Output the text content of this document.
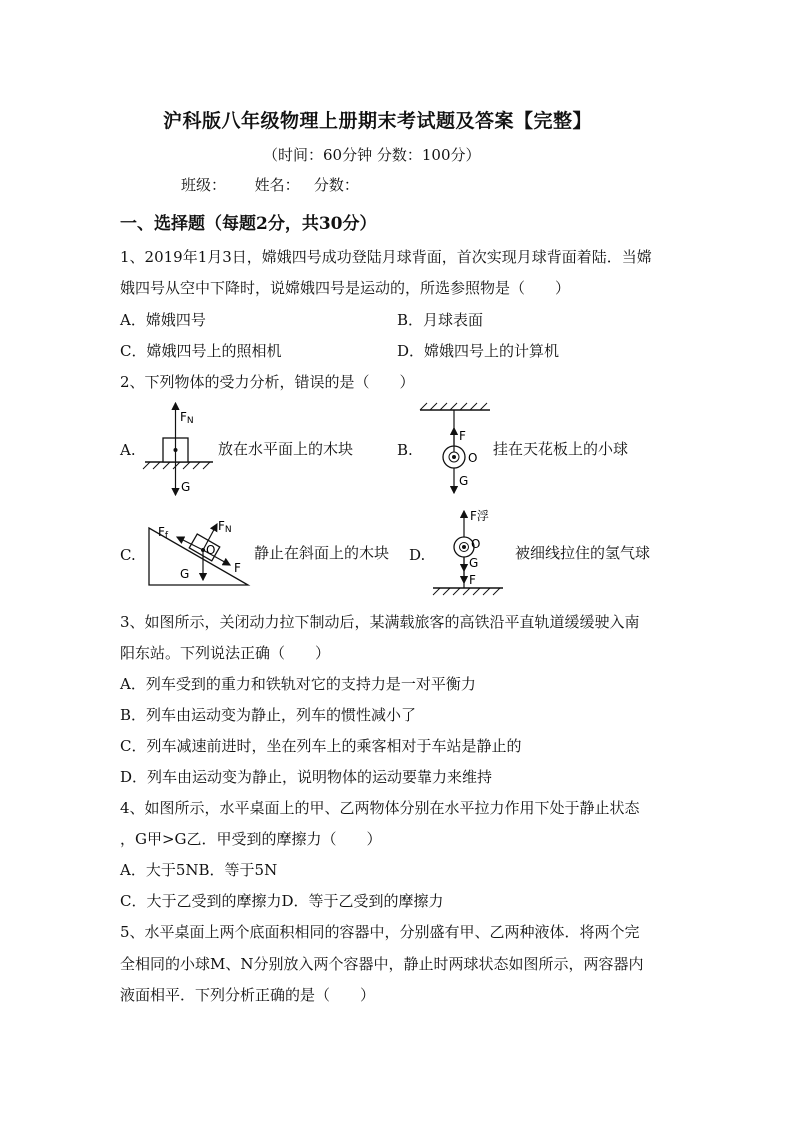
沪科版八年级物理上册期末考试题及答案【完整】
（时间：60分钟 分数：100分）
班级：      姓名：   分数：
一、选择题（每题2分，共30分）
1、2019年1月3日，嫦娥四号成功登陆月球背面，首次实现月球背面着陆．当嫦
娥四号从空中下降时，说嫦娥四号是运动的，所选参照物是（　　）
A．嫦娥四号	B．月球表面
C．嫦娥四号上的照相机	D．嫦娥四号上的计算机
2、下列物体的受力分析，错误的是（　　）
A.	放在水平面上的木块	B.	挂在天花板上的小球
C.	静止在斜面上的木块 D.	被细线拉住的氢气球
FN
G
F
O
G
FN
Ff
O
F
G
F浮
O
G
F
3、如图所示，关闭动力拉下制动后，某满载旅客的高铁沿平直轨道缓缓驶入南
阳东站。下列说法正确（　　）
A．列车受到的重力和铁轨对它的支持力是一对平衡力
B．列车由运动变为静止，列车的惯性减小了
C．列车减速前进时，坐在列车上的乘客相对于车站是静止的
D．列车由运动变为静止，说明物体的运动要靠力来维持
4、如图所示，水平桌面上的甲、乙两物体分别在水平拉力作用下处于静止状态
，G甲>G乙．甲受到的摩擦力（　　）
A．大于5NB．等于5N
C．大于乙受到的摩擦力D．等于乙受到的摩擦力
5、水平桌面上两个底面积相同的容器中，分别盛有甲、乙两种液体．将两个完
全相同的小球M、N分别放入两个容器中，静止时两球状态如图所示，两容器内
液面相平．下列分析正确的是（　　）
